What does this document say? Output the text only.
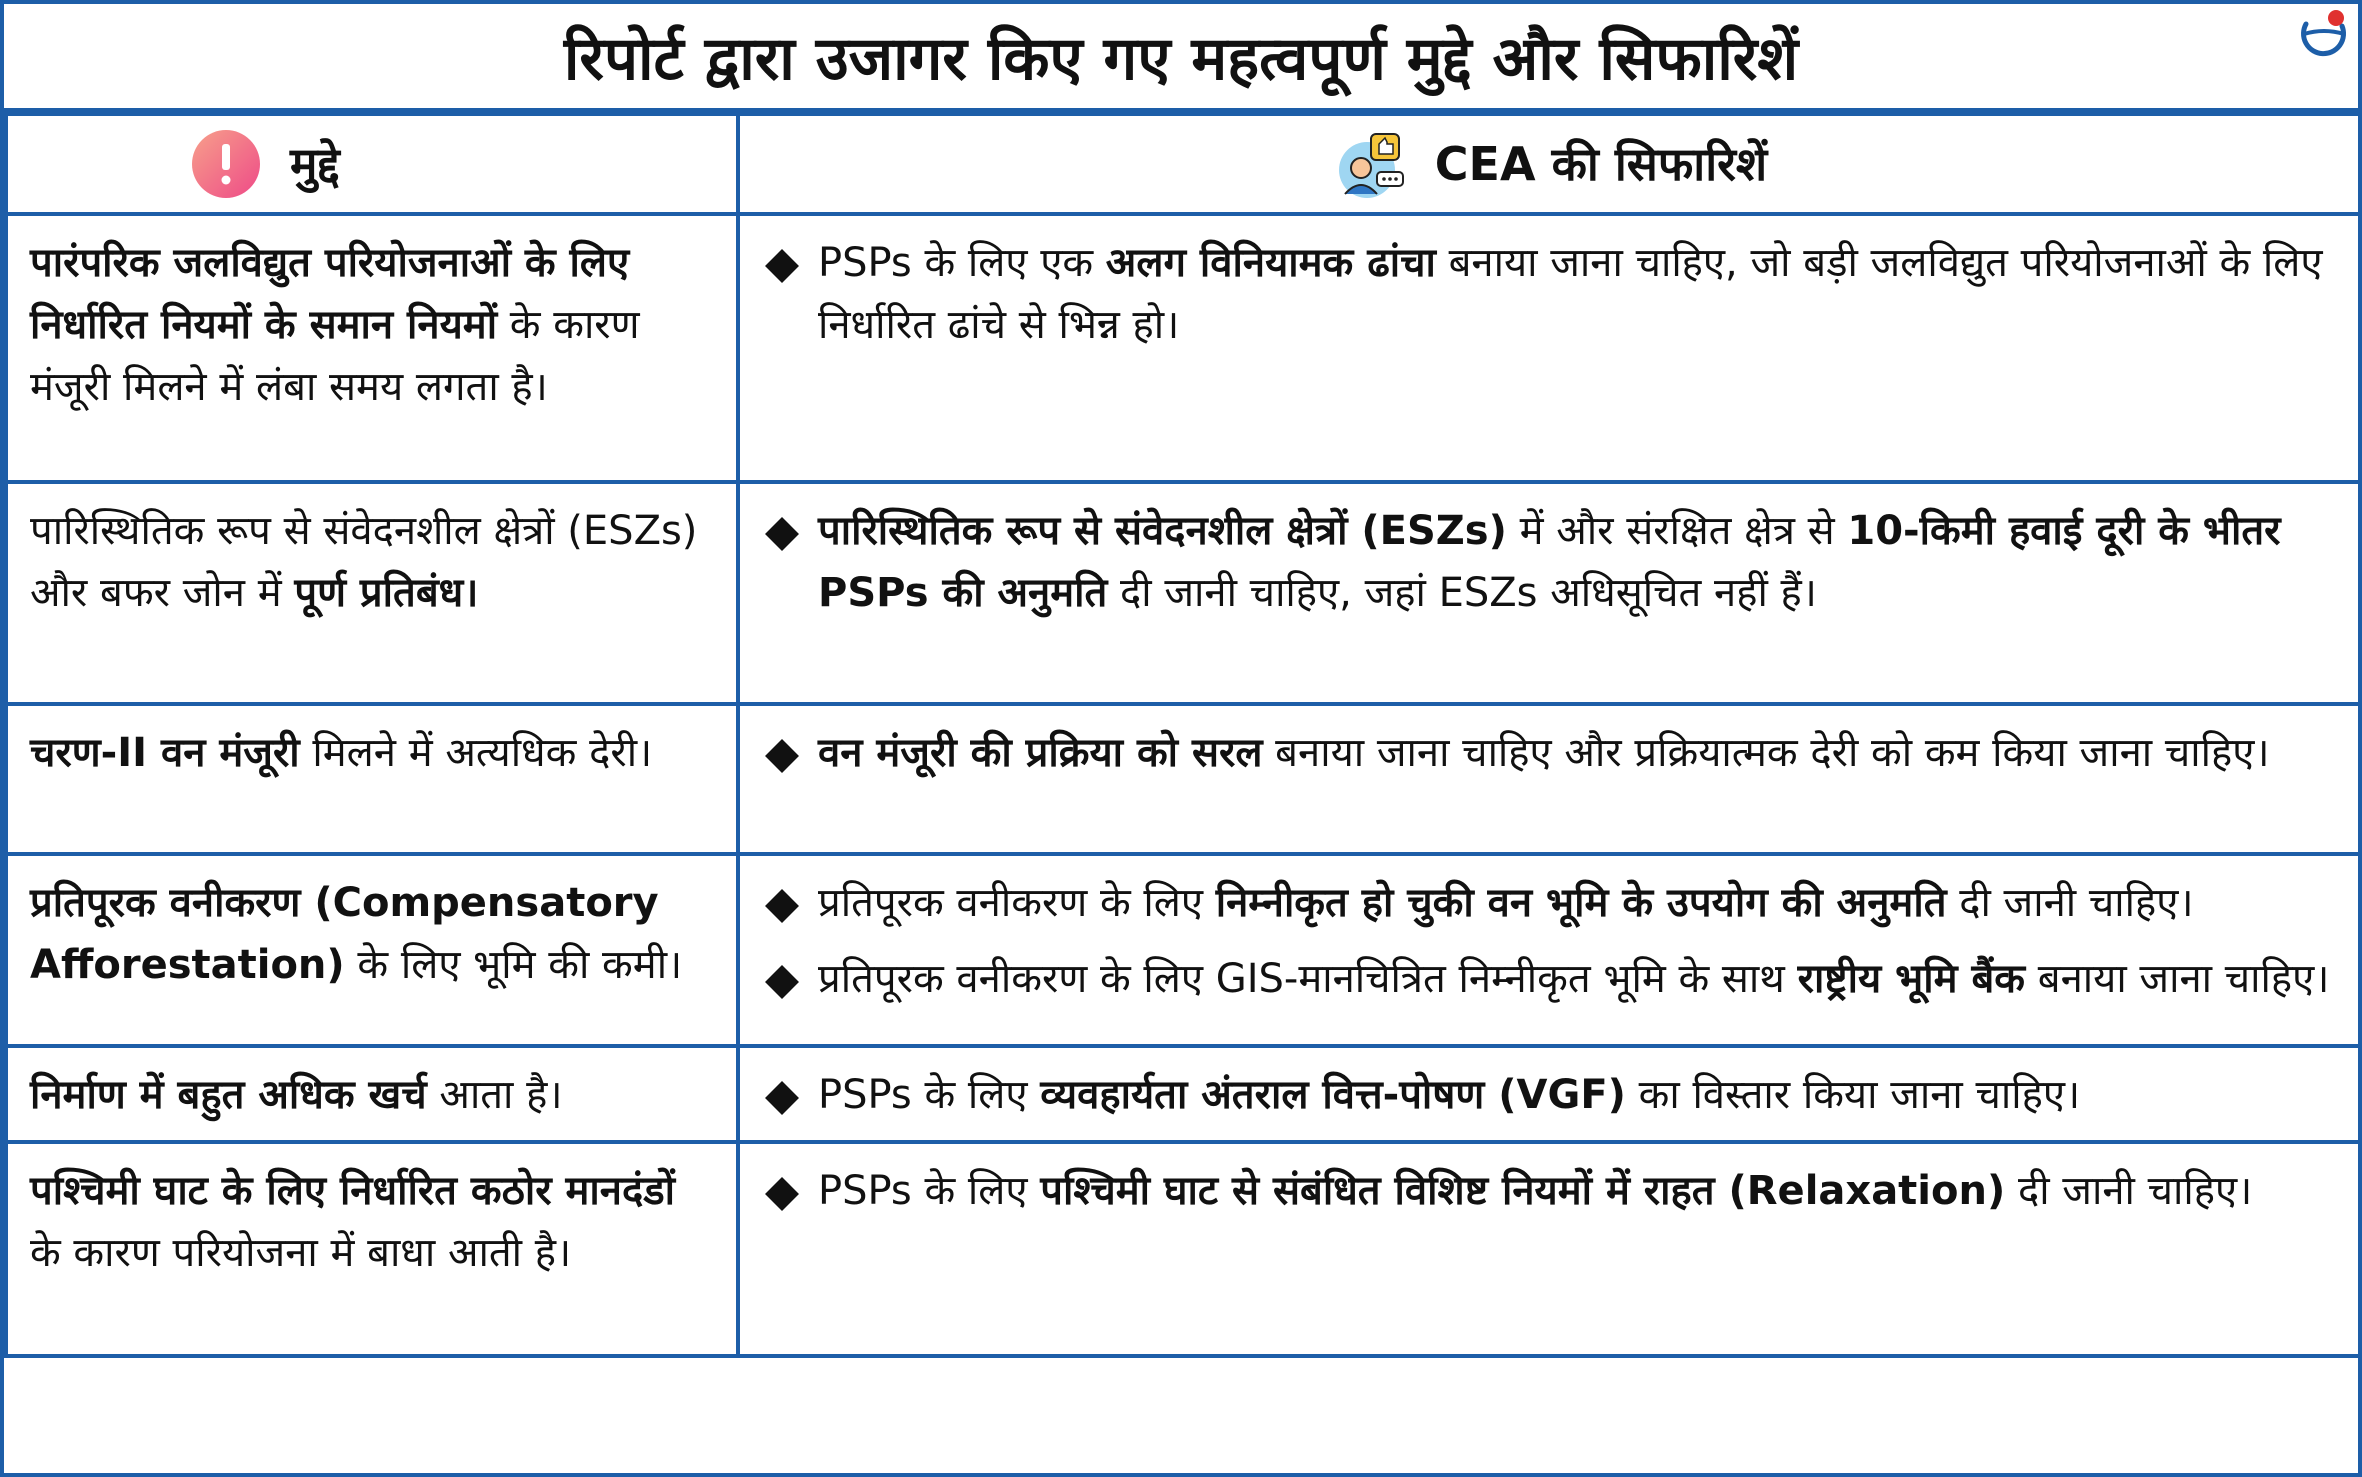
रिपोर्ट द्वारा उजागर किए गए महत्वपूर्ण मुद्दे और सिफारिशें
मुद्दे	CEA की सिफारिशें

पारंपरिक जलविद्युत परियोजनाओं के लिए निर्धारित नियमों के समान नियमों के कारण मंजूरी मिलने में लंबा समय लगता है।	PSPs के लिए एक अलग विनियामक ढांचा बनाया जाना चाहिए, जो बड़ी जलविद्युत परियोजनाओं के लिए निर्धारित ढांचे से भिन्न हो।

पारिस्थितिक रूप से संवेदनशील क्षेत्रों (ESZs) और बफर जोन में पूर्ण प्रतिबंध।	पारिस्थितिक रूप से संवेदनशील क्षेत्रों (ESZs) में और संरक्षित क्षेत्र से 10-किमी हवाई दूरी के भीतर PSPs की अनुमति दी जानी चाहिए, जहां ESZs अधिसूचित नहीं हैं।

चरण-II वन मंजूरी मिलने में अत्यधिक देरी।	वन मंजूरी की प्रक्रिया को सरल बनाया जाना चाहिए और प्रक्रियात्मक देरी को कम किया जाना चाहिए।

प्रतिपूरक वनीकरण (Compensatory Afforestation) के लिए भूमि की कमी।	प्रतिपूरक वनीकरण के लिए निम्नीकृत हो चुकी वन भूमि के उपयोग की अनुमति दी जानी चाहिए।
प्रतिपूरक वनीकरण के लिए GIS-मानचित्रित निम्नीकृत भूमि के साथ राष्ट्रीय भूमि बैंक बनाया जाना चाहिए।

निर्माण में बहुत अधिक खर्च आता है।	PSPs के लिए व्यवहार्यता अंतराल वित्त-पोषण (VGF) का विस्तार किया जाना चाहिए।

पश्चिमी घाट के लिए निर्धारित कठोर मानदंडों के कारण परियोजना में बाधा आती है।	PSPs के लिए पश्चिमी घाट से संबंधित विशिष्ट नियमों में राहत (Relaxation) दी जानी चाहिए।
